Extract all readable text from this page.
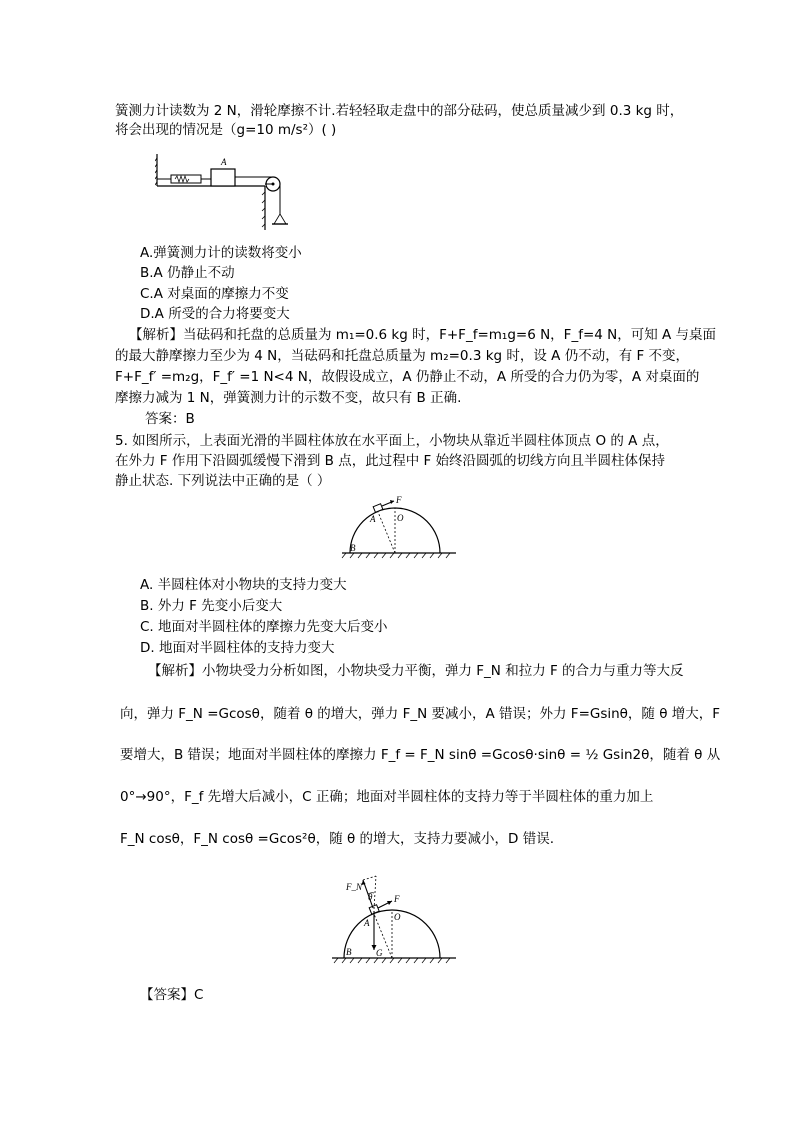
簧测力计读数为 2 N，滑轮摩擦不计.若轻轻取走盘中的部分砝码，使总质量减少到 0.3 kg 时，
将会出现的情况是（g=10 m/s²）( )
A
A.弹簧测力计的读数将变小
B.A 仍静止不动
C.A 对桌面的摩擦力不变
D.A 所受的合力将要变大
【解析】当砝码和托盘的总质量为 m₁=0.6 kg 时，F+F_f=m₁g=6 N，F_f=4 N，可知 A 与桌面
的最大静摩擦力至少为 4 N，当砝码和托盘总质量为 m₂=0.3 kg 时，设 A 仍不动，有 F 不变，
F+F_f′ =m₂g，F_f′ =1 N<4 N，故假设成立，A 仍静止不动，A 所受的合力仍为零，A 对桌面的
摩擦力减为 1 N，弹簧测力计的示数不变，故只有 B 正确.
答案：B
5. 如图所示，上表面光滑的半圆柱体放在水平面上，小物块从靠近半圆柱体顶点 O 的 A 点，
在外力 F 作用下沿圆弧缓慢下滑到 B 点，此过程中 F 始终沿圆弧的切线方向且半圆柱体保持
静止状态. 下列说法中正确的是（ ）
F
A O
B
A. 半圆柱体对小物块的支持力变大
B. 外力 F 先变小后变大
C. 地面对半圆柱体的摩擦力先变大后变小
D. 地面对半圆柱体的支持力变大
【解析】小物块受力分析如图，小物块受力平衡，弹力 F_N 和拉力 F 的合力与重力等大反
向，弹力 F_N =Gcosθ，随着 θ 的增大，弹力 F_N 要减小，A 错误；外力 F=Gsinθ，随 θ 增大，F
要增大，B 错误；地面对半圆柱体的摩擦力 F_f = F_N sinθ =Gcosθ·sinθ = ½ Gsin2θ，随着 θ 从
0°→90°，F_f 先增大后减小，C 正确；地面对半圆柱体的支持力等于半圆柱体的重力加上
F_N cosθ，F_N cosθ =Gcos²θ，随 θ 的增大，支持力要减小，D 错误.
F_N
θ F
A
O
B	G
【答案】C
